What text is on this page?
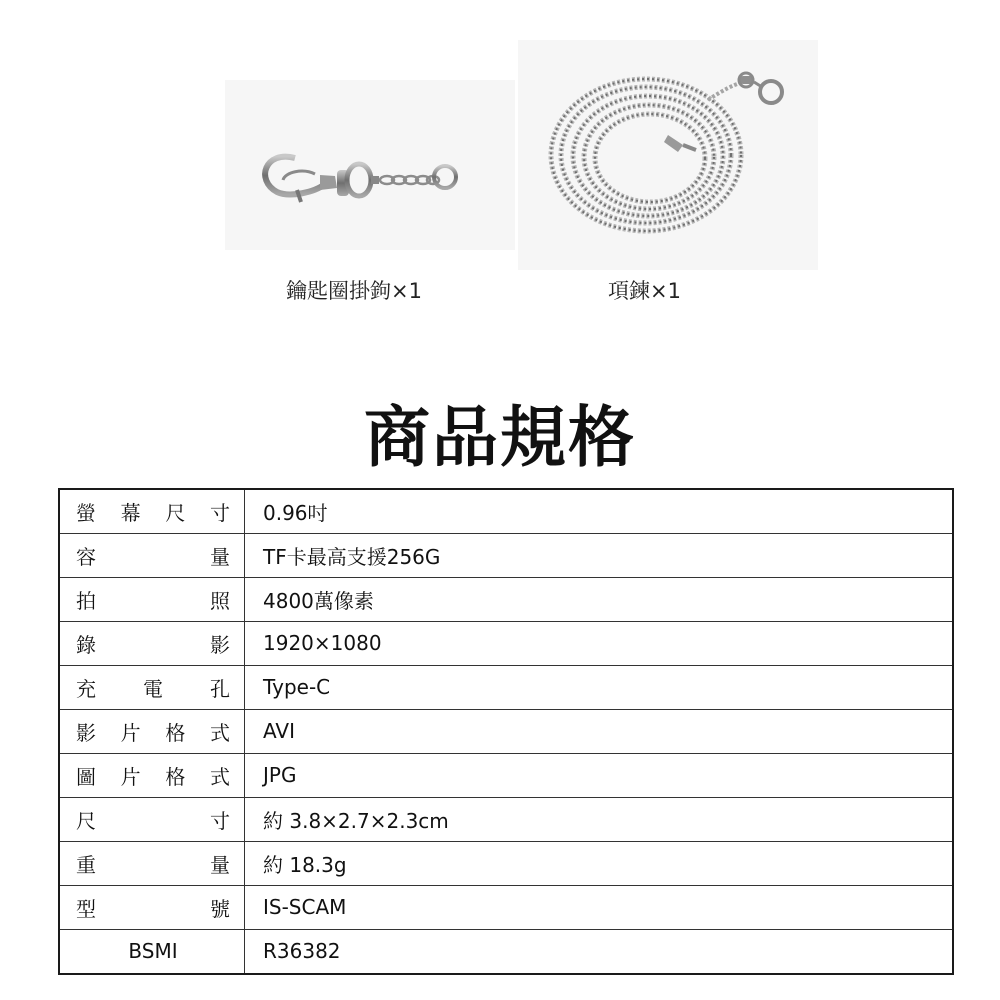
鑰匙圈掛鉤×1	項鍊×1
商品規格
螢 幕 尺 寸	0.96吋

容 量	TF卡最高支援256G

拍 照	4800萬像素

錄 影	1920×1080

充 電 孔	Type-C

影 片 格 式	AVI

圖 片 格 式	JPG

尺 寸	約 3.8×2.7×2.3cm

重 量	約 18.3g

型 號	IS-SCAM

BSMI	R36382
